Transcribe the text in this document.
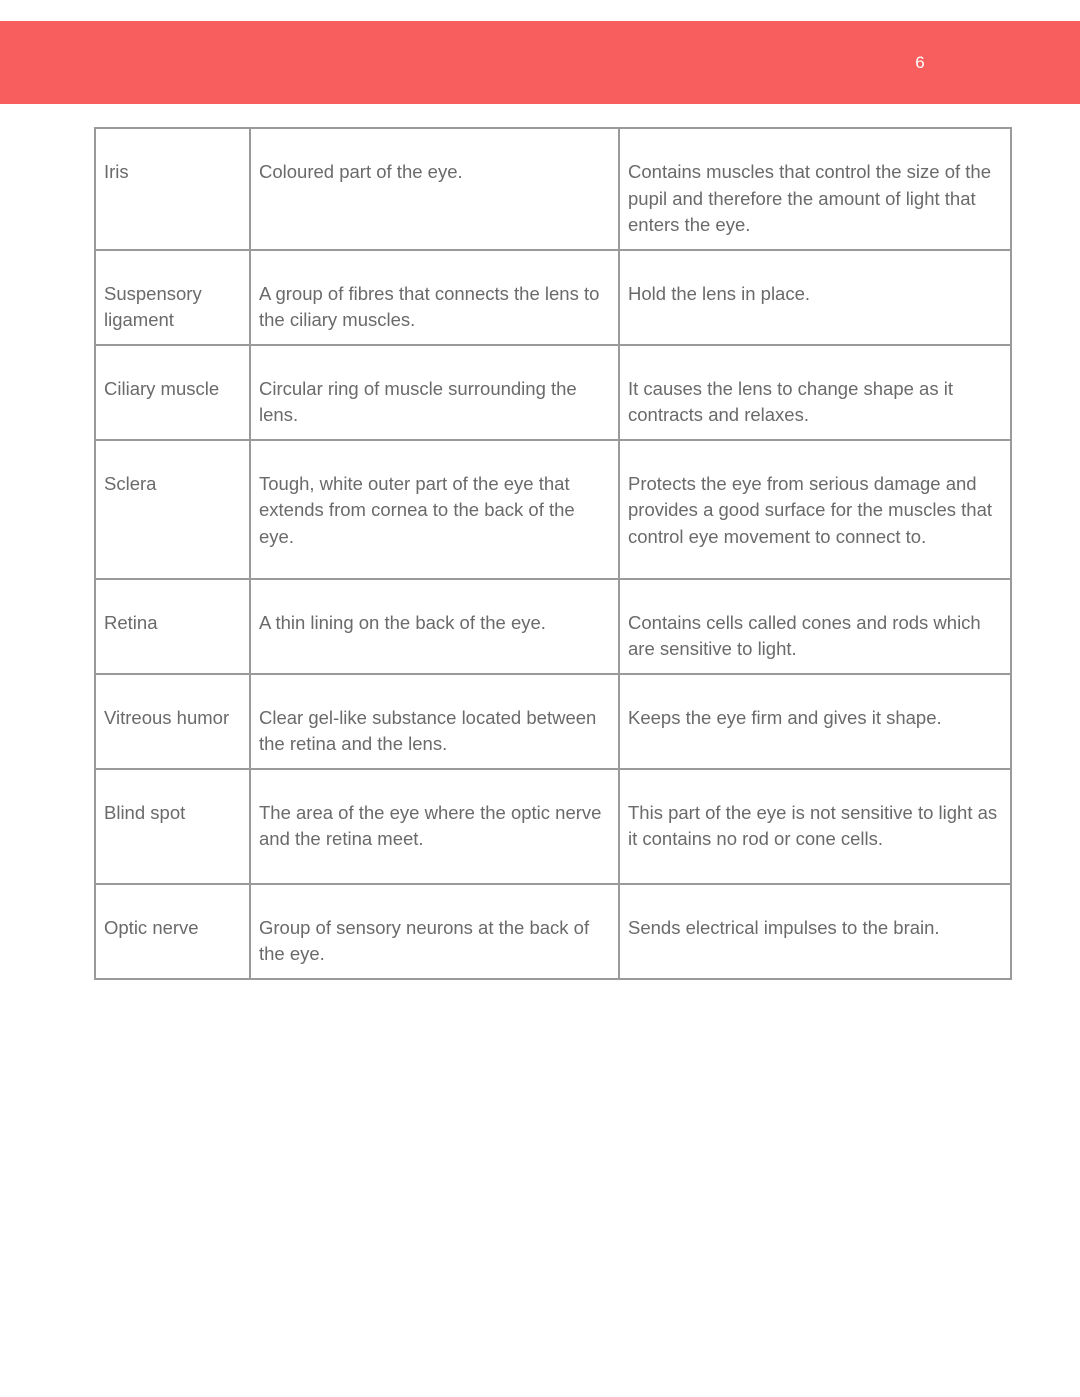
6
Iris	Coloured part of the eye.	Contains muscles that control the size of the pupil and therefore the amount of light that enters the eye.
Suspensory ligament	A group of fibres that connects the lens to the ciliary muscles.	Hold the lens in place.
Ciliary muscle	Circular ring of muscle surrounding the lens.	It causes the lens to change shape as it contracts and relaxes.
Sclera	Tough, white outer part of the eye that extends from cornea to the back of the eye.	Protects the eye from serious damage and provides a good surface for the muscles that control eye movement to connect to.
Retina	A thin lining on the back of the eye.	Contains cells called cones and rods which are sensitive to light.
Vitreous humor	Clear gel-like substance located between the retina and the lens.	Keeps the eye firm and gives it shape.
Blind spot	The area of the eye where the optic nerve and the retina meet.	This part of the eye is not sensitive to light as it contains no rod or cone cells.
Optic nerve	Group of sensory neurons at the back of the eye.	Sends electrical impulses to the brain.
